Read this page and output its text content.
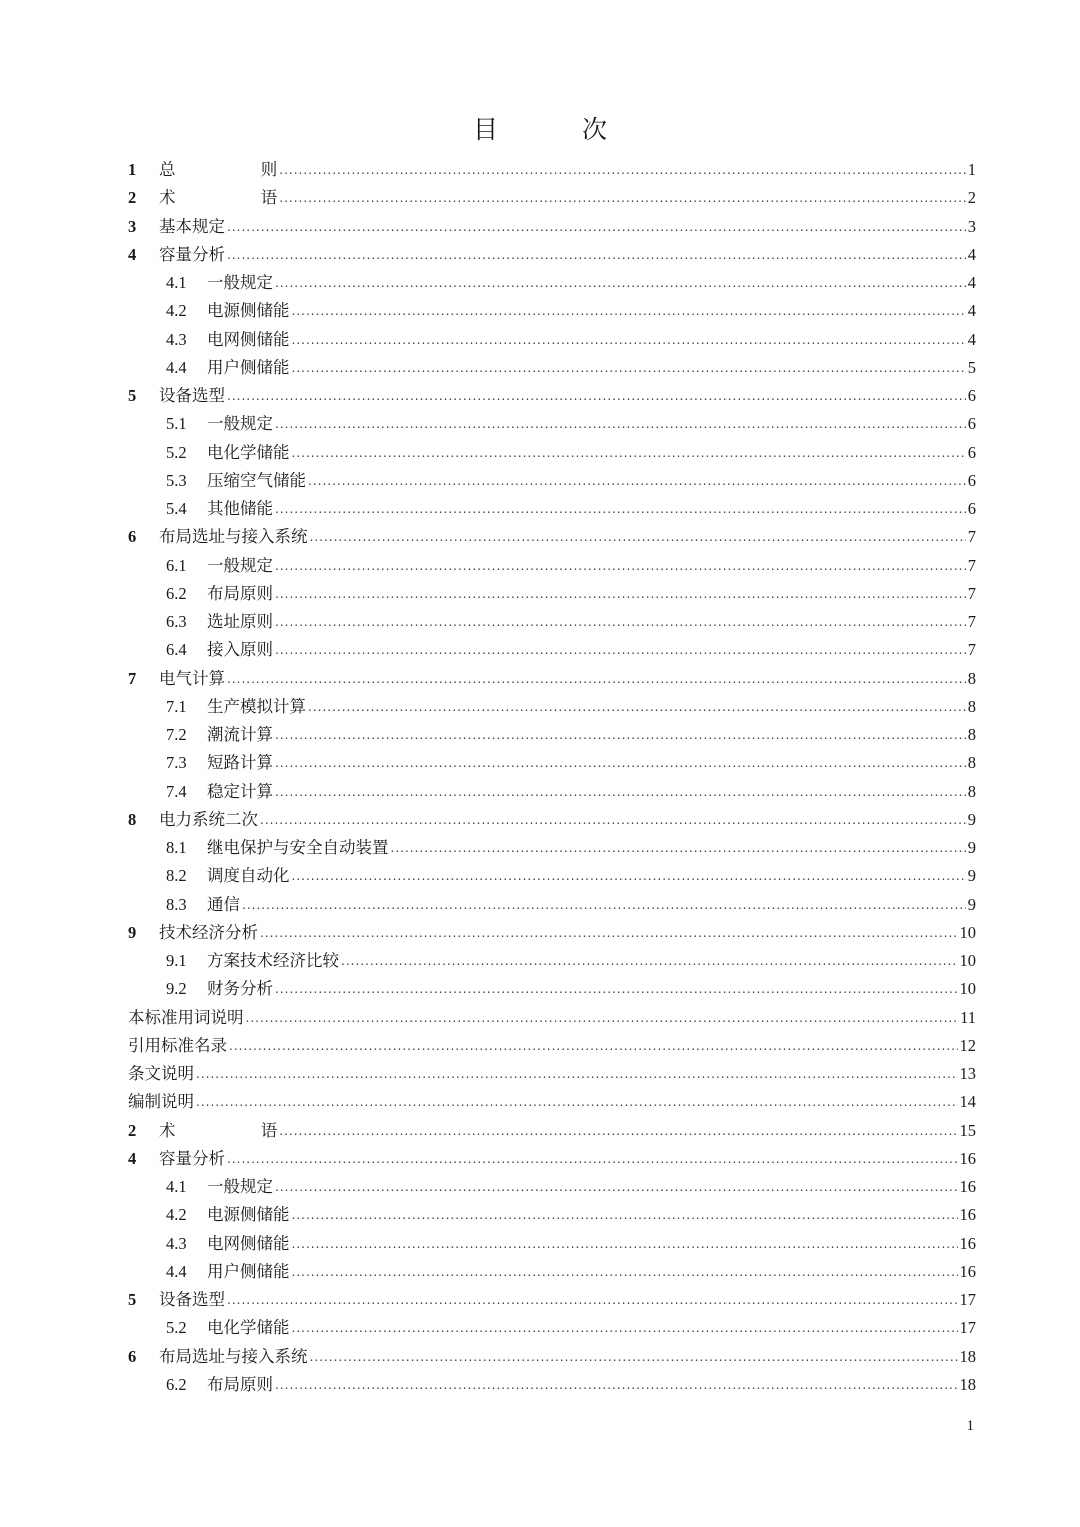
目 次
1	总 则 .....	1
2	术 语 .....	2
3	基本规定 .....	3
4	容量分析 .....	4
4.1	一般规定 .....	4
4.2	电源侧储能 .....	4
4.3	电网侧储能 .....	4
4.4	用户侧储能 .....	5
5	设备选型 .....	6
5.1	一般规定 .....	6
5.2	电化学储能 .....	6
5.3	压缩空气储能 .....	6
5.4	其他储能 .....	6
6	布局选址与接入系统 .....	7
6.1	一般规定 .....	7
6.2	布局原则 .....	7
6.3	选址原则 .....	7
6.4	接入原则 .....	7
7	电气计算 .....	8
7.1	生产模拟计算 .....	8
7.2	潮流计算 .....	8
7.3	短路计算 .....	8
7.4	稳定计算 .....	8
8	电力系统二次 .....	9
8.1	继电保护与安全自动装置 .....	9
8.2	调度自动化 .....	9
8.3	通信 .....	9
9	技术经济分析 .....	10
9.1	方案技术经济比较 .....	10
9.2	财务分析 .....	10
本标准用词说明 .....	11
引用标准名录 .....	12
条文说明 .....	13
编制说明 .....	14
2	术 语 .....	15
4	容量分析 .....	16
4.1	一般规定 .....	16
4.2	电源侧储能 .....	16
4.3	电网侧储能 .....	16
4.4	用户侧储能 .....	16
5	设备选型 .....	17
5.2	电化学储能 .....	17
6	布局选址与接入系统 .....	18
6.2	布局原则 .....	18
1
